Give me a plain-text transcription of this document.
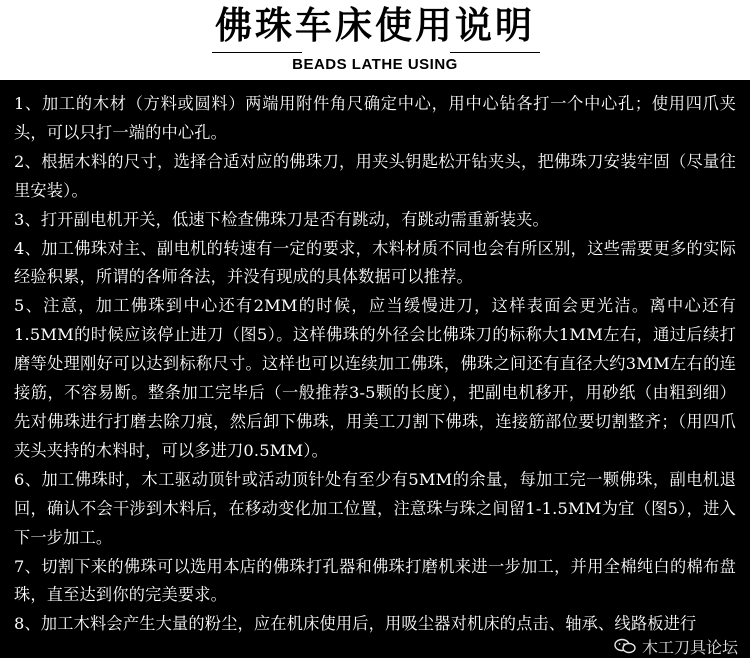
佛珠车床使用说明
BEADS LATHE USING

1、加工的木材（方料或圆料）两端用附件角尺确定中心，用中心钻各打一个中心孔；使用四爪夹头，可以只打一端的中心孔。

2、根据木料的尺寸，选择合适对应的佛珠刀，用夹头钥匙松开钻夹头，把佛珠刀安装牢固（尽量往里安装）。

3、打开副电机开关，低速下检查佛珠刀是否有跳动，有跳动需重新装夹。

4、加工佛珠对主、副电机的转速有一定的要求，木料材质不同也会有所区别，这些需要更多的实际经验积累，所谓的各师各法，并没有现成的具体数据可以推荐。

5、注意，加工佛珠到中心还有2MM的时候，应当缓慢进刀，这样表面会更光洁。离中心还有1.5MM的时候应该停止进刀（图5）。这样佛珠的外径会比佛珠刀的标称大1MM左右，通过后续打磨等处理刚好可以达到标称尺寸。这样也可以连续加工佛珠，佛珠之间还有直径大约3MM左右的连接筋，不容易断。整条加工完毕后（一般推荐3-5颗的长度），把副电机移开，用砂纸（由粗到细）先对佛珠进行打磨去除刀痕，然后卸下佛珠，用美工刀割下佛珠，连接筋部位要切割整齐；（用四爪夹头夹持的木料时，可以多进刀0.5MM）。

6、加工佛珠时，木工驱动顶针或活动顶针处有至少有5MM的余量，每加工完一颗佛珠，副电机退回，确认不会干涉到木料后，在移动变化加工位置，注意珠与珠之间留1-1.5MM为宜（图5），进入下一步加工。

7、切割下来的佛珠可以选用本店的佛珠打孔器和佛珠打磨机来进一步加工，并用全棉纯白的棉布盘珠，直至达到你的完美要求。

8、加工木料会产生大量的粉尘，应在机床使用后，用吸尘器对机床的点击、轴承、线路板进行

木工刀具论坛
